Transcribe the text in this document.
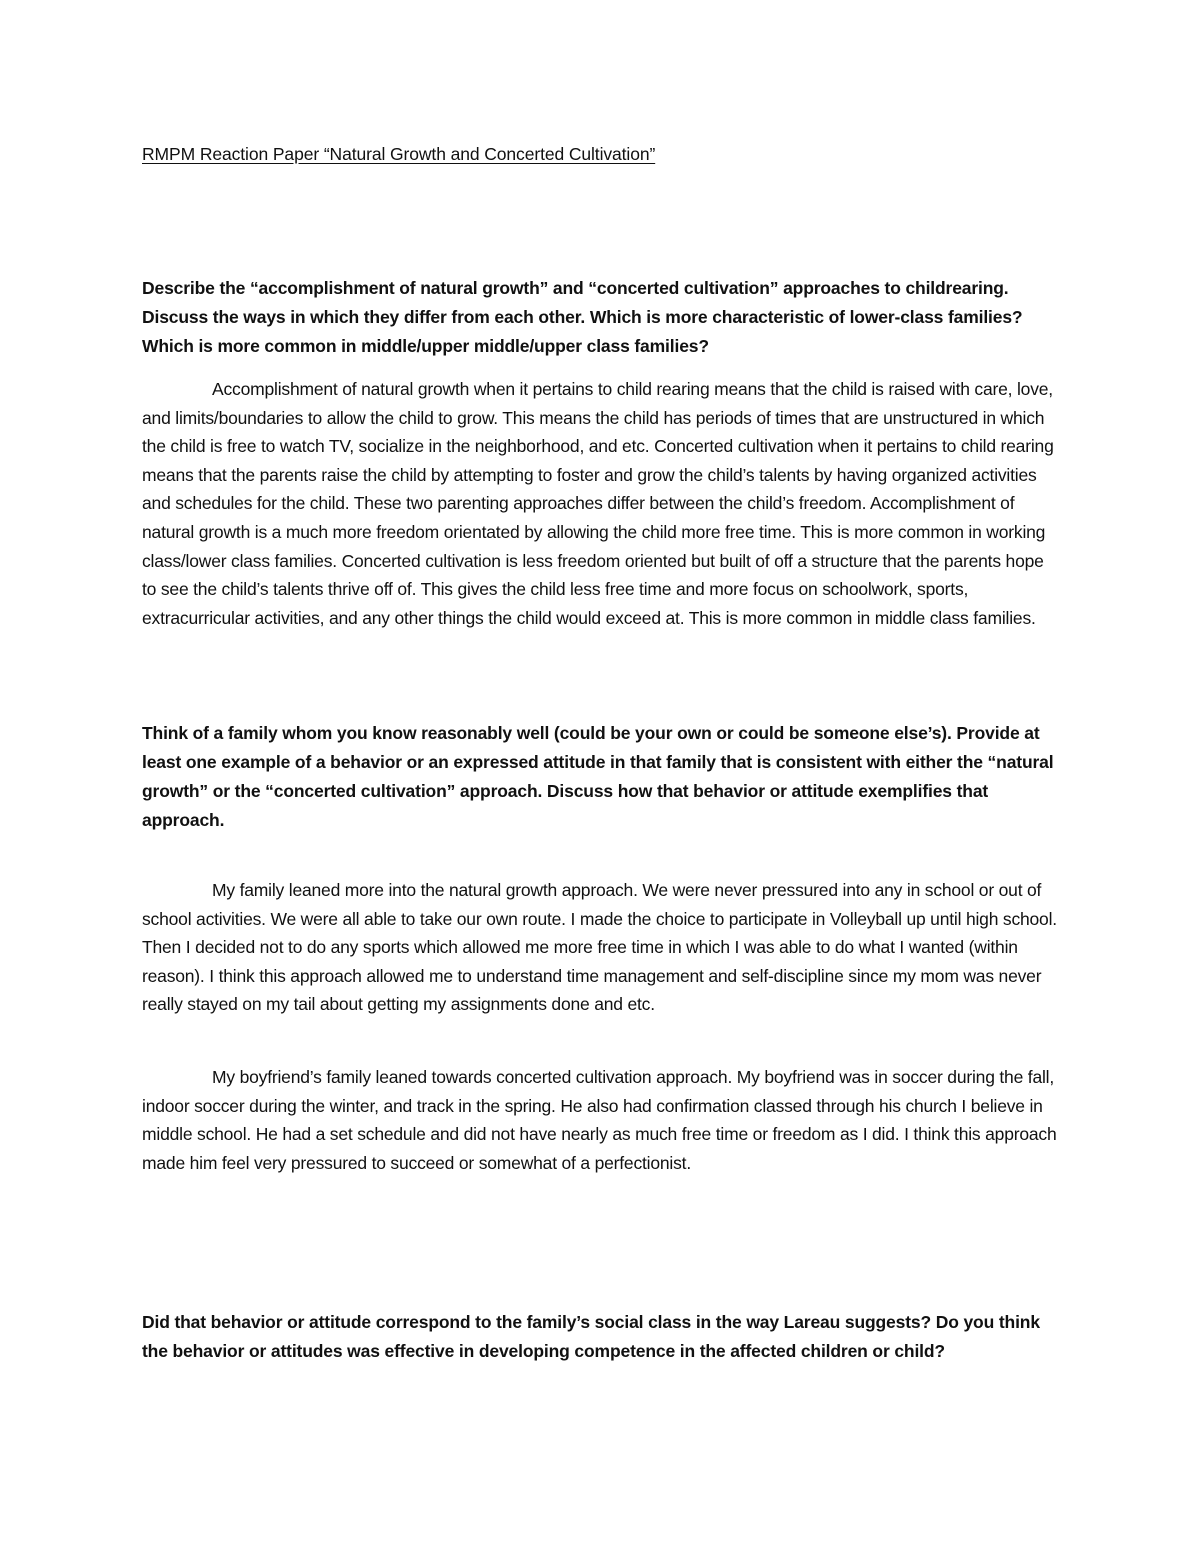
RMPM Reaction Paper “Natural Growth and Concerted Cultivation”

Describe the “accomplishment of natural growth” and “concerted cultivation” approaches to childrearing. Discuss the ways in which they differ from each other. Which is more characteristic of lower-class families? Which is more common in middle/upper middle/upper class families?

Accomplishment of natural growth when it pertains to child rearing means that the child is raised with care, love, and limits/boundaries to allow the child to grow. This means the child has periods of times that are unstructured in which the child is free to watch TV, socialize in the neighborhood, and etc. Concerted cultivation when it pertains to child rearing means that the parents raise the child by attempting to foster and grow the child’s talents by having organized activities and schedules for the child. These two parenting approaches differ between the child’s freedom. Accomplishment of natural growth is a much more freedom orientated by allowing the child more free time. This is more common in working class/lower class families. Concerted cultivation is less freedom oriented but built of off a structure that the parents hope to see the child’s talents thrive off of. This gives the child less free time and more focus on schoolwork, sports, extracurricular activities, and any other things the child would exceed at. This is more common in middle class families.

Think of a family whom you know reasonably well (could be your own or could be someone else’s). Provide at least one example of a behavior or an expressed attitude in that family that is consistent with either the “natural growth” or the “concerted cultivation” approach. Discuss how that behavior or attitude exemplifies that approach.

My family leaned more into the natural growth approach. We were never pressured into any in school or out of school activities. We were all able to take our own route. I made the choice to participate in Volleyball up until high school. Then I decided not to do any sports which allowed me more free time in which I was able to do what I wanted (within reason). I think this approach allowed me to understand time management and self-discipline since my mom was never really stayed on my tail about getting my assignments done and etc.

My boyfriend’s family leaned towards concerted cultivation approach. My boyfriend was in soccer during the fall, indoor soccer during the winter, and track in the spring. He also had confirmation classed through his church I believe in middle school. He had a set schedule and did not have nearly as much free time or freedom as I did. I think this approach made him feel very pressured to succeed or somewhat of a perfectionist.

Did that behavior or attitude correspond to the family’s social class in the way Lareau suggests? Do you think the behavior or attitudes was effective in developing competence in the affected children or child?
